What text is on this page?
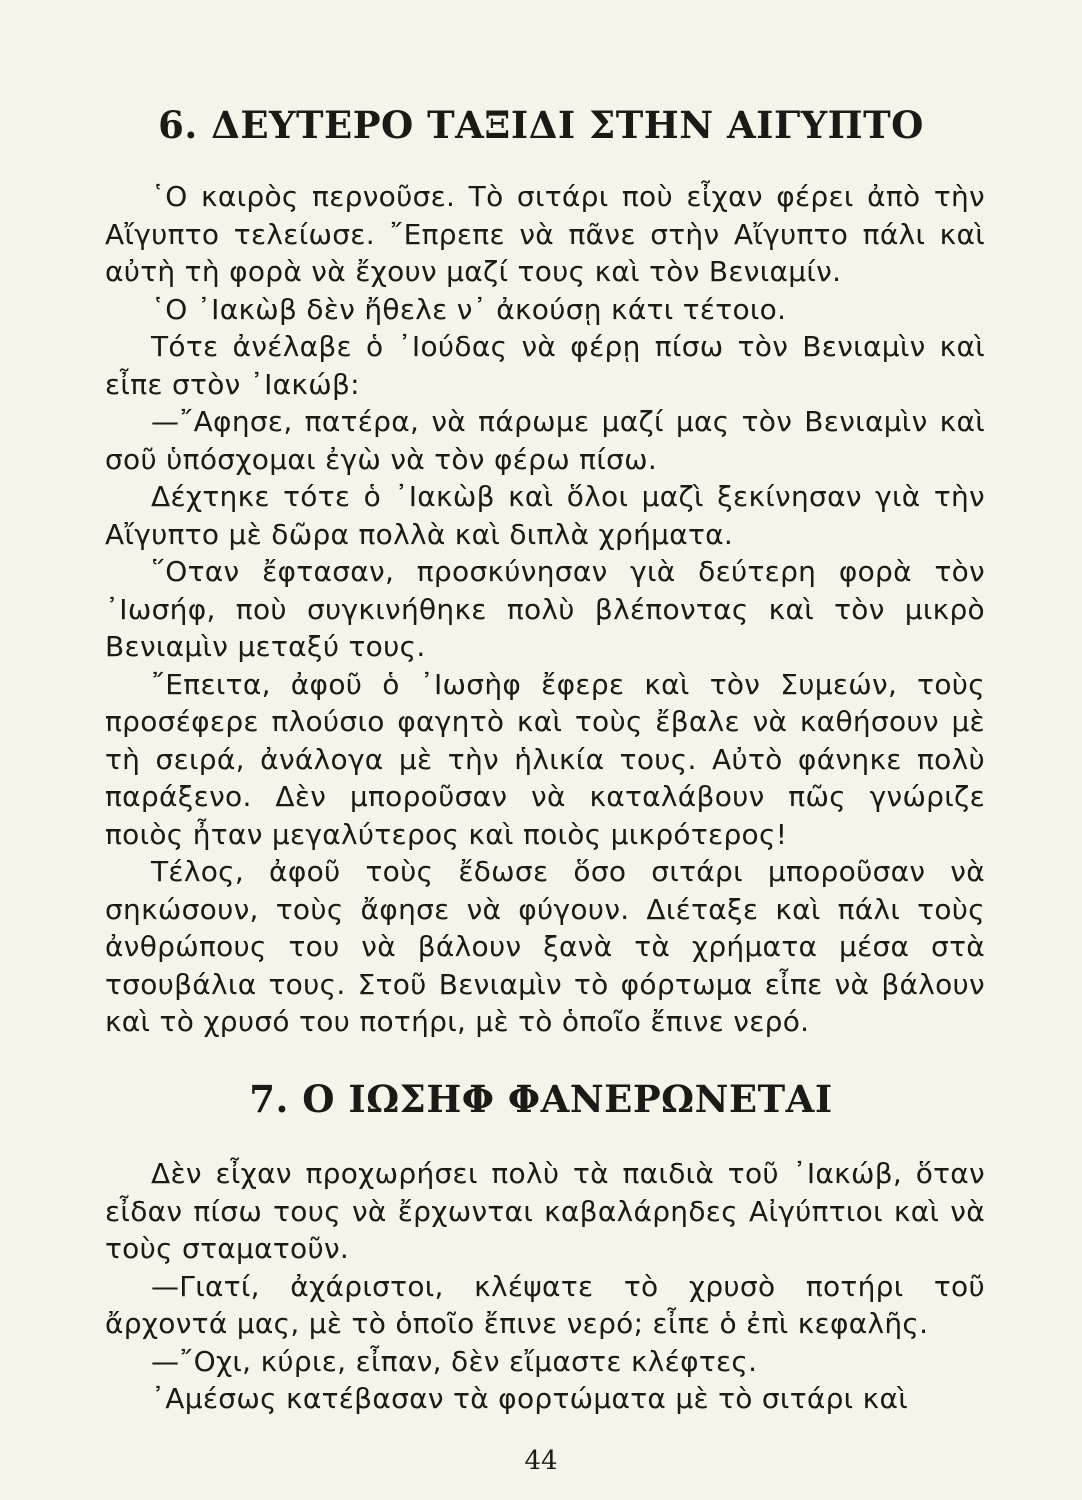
6. ΔΕΥΤΕΡΟ ΤΑΞΙΔΙ ΣΤΗΝ ΑΙΓΥΠΤΟ

῾Ο καιρὸς περνοῦσε. Τὸ σιτάρι ποὺ εἶχαν φέρει ἀπὸ τὴν Αἴγυπτο τελείωσε. ῎Επρεπε νὰ πᾶνε στὴν Αἴγυπτο πάλι καὶ αὐτὴ τὴ φορὰ νὰ ἔχουν μαζί τους καὶ τὸν Βενιαμίν.

῾Ο ᾿Ιακὼβ δὲν ἤθελε ν᾿ ἀκούσῃ κάτι τέτοιο.

Τότε ἀνέλαβε ὁ ᾿Ιούδας νὰ φέρῃ πίσω τὸν Βενιαμὶν καὶ εἶπε στὸν ᾿Ιακώβ:

—῎Αφησε, πατέρα, νὰ πάρωμε μαζί μας τὸν Βενιαμὶν καὶ σοῦ ὑπόσχομαι ἐγὼ νὰ τὸν φέρω πίσω.

Δέχτηκε τότε ὁ ᾿Ιακὼβ καὶ ὅλοι μαζὶ ξεκίνησαν γιὰ τὴν Αἴγυπτο μὲ δῶρα πολλὰ καὶ διπλὰ χρήματα.

῞Οταν ἔφτασαν, προσκύνησαν γιὰ δεύτερη φορὰ τὸν ᾿Ιωσήφ, ποὺ συγκινήθηκε πολὺ βλέποντας καὶ τὸν μικρὸ Βενιαμὶν μεταξύ τους.

῎Επειτα, ἀφοῦ ὁ ᾿Ιωσὴφ ἔφερε καὶ τὸν Συμεών, τοὺς προσέφερε πλούσιο φαγητὸ καὶ τοὺς ἔβαλε νὰ καθήσουν μὲ τὴ σειρά, ἀνάλογα μὲ τὴν ἡλικία τους. Αὐτὸ φάνηκε πολὺ παράξενο. Δὲν μποροῦσαν νὰ καταλάβουν πῶς γνώριζε ποιὸς ἦταν μεγαλύτερος καὶ ποιὸς μικρότερος!

Τέλος, ἀφοῦ τοὺς ἔδωσε ὅσο σιτάρι μποροῦσαν νὰ σηκώσουν, τοὺς ἄφησε νὰ φύγουν. Διέταξε καὶ πάλι τοὺς ἀνθρώπους του νὰ βάλουν ξανὰ τὰ χρήματα μέσα στὰ τσουβάλια τους. Στοῦ Βενιαμὶν τὸ φόρτωμα εἶπε νὰ βάλουν καὶ τὸ χρυσό του ποτήρι, μὲ τὸ ὁποῖο ἔπινε νερό.

7. Ο ΙΩΣΗΦ ΦΑΝΕΡΩΝΕΤΑΙ

Δὲν εἶχαν προχωρήσει πολὺ τὰ παιδιὰ τοῦ ᾿Ιακώβ, ὅταν εἶδαν πίσω τους νὰ ἔρχωνται καβαλάρηδες Αἰγύπτιοι καὶ νὰ τοὺς σταματοῦν.

—Γιατί, ἀχάριστοι, κλέψατε τὸ χρυσὸ ποτήρι τοῦ ἄρχοντά μας, μὲ τὸ ὁποῖο ἔπινε νερό; εἶπε ὁ ἐπὶ κεφαλῆς.

—῎Οχι, κύριε, εἶπαν, δὲν εἴμαστε κλέφτες.

᾿Αμέσως κατέβασαν τὰ φορτώματα μὲ τὸ σιτάρι καὶ

44
